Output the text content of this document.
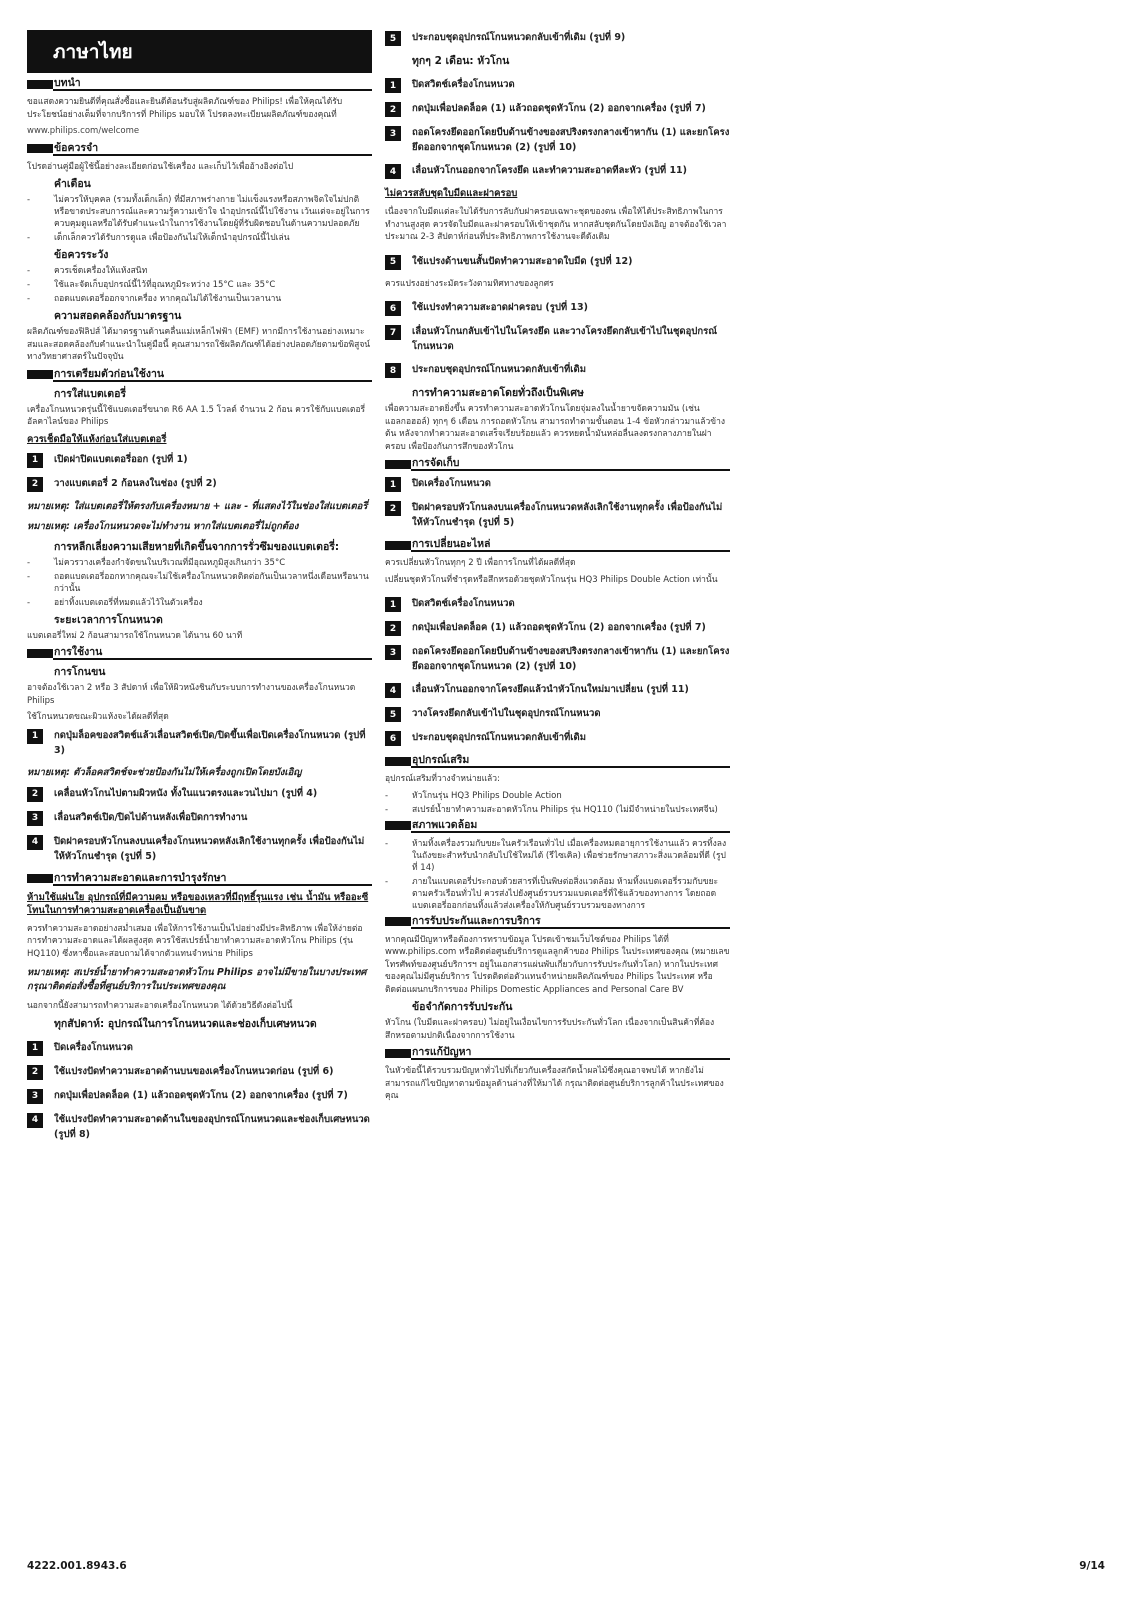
ภาษาไทย
บทนำ
ขอแสดงความยินดีที่คุณสั่งซื้อและยินดีต้อนรับสู่ผลิตภัณฑ์ของ Philips! เพื่อให้คุณได้รับประโยชน์อย่างเต็มที่จากบริการที่ Philips มอบให้ โปรดลงทะเบียนผลิตภัณฑ์ของคุณที่
www.philips.com/welcome
ข้อควรจำ
โปรดอ่านคู่มือผู้ใช้นี้อย่างละเอียดก่อนใช้เครื่อง และเก็บไว้เพื่ออ้างอิงต่อไป
คำเตือน
-	ไม่ควรให้บุคคล (รวมทั้งเด็กเล็ก) ที่มีสภาพร่างกาย ไม่แข็งแรงหรือสภาพจิตใจไม่ปกติ หรือขาดประสบการณ์และความรู้ความเข้าใจ นำอุปกรณ์นี้ไปใช้งาน เว้นแต่จะอยู่ในการควบคุมดูแลหรือได้รับคำแนะนำในการใช้งานโดยผู้ที่รับผิดชอบในด้านความปลอดภัย
-	เด็กเล็กควรได้รับการดูแล เพื่อป้องกันไม่ให้เด็กนำอุปกรณ์นี้ไปเล่น
ข้อควรระวัง
-	ควรเช็ดเครื่องให้แห้งสนิท
-	ใช้และจัดเก็บอุปกรณ์นี้ไว้ที่อุณหภูมิระหว่าง 15°C และ 35°C
-	ถอดแบตเตอรี่ออกจากเครื่อง หากคุณไม่ได้ใช้งานเป็นเวลานาน
ความสอดคล้องกับมาตรฐาน
ผลิตภัณฑ์ของฟิลิปส์ ได้มาตรฐานด้านคลื่นแม่เหล็กไฟฟ้า (EMF) หากมีการใช้งานอย่างเหมาะสมและสอดคล้องกับคำแนะนำในคู่มือนี้ คุณสามารถใช้ผลิตภัณฑ์ได้อย่างปลอดภัยตามข้อพิสูจน์ทางวิทยาศาสตร์ในปัจจุบัน
การเตรียมตัวก่อนใช้งาน
การใส่แบตเตอรี่
เครื่องโกนหนวดรุ่นนี้ใช้แบตเตอรี่ขนาด R6 AA 1.5 โวลต์ จำนวน 2 ก้อน ควรใช้กับแบตเตอรี่อัลคาไลน์ของ Philips
ควรเช็ดมือให้แห้งก่อนใส่แบตเตอรี่
1	เปิดฝาปิดแบตเตอรี่ออก (รูปที่ 1)
2	วางแบตเตอรี่ 2 ก้อนลงในช่อง (รูปที่ 2)
หมายเหตุ: ใส่แบตเตอรี่ให้ตรงกับเครื่องหมาย + และ - ที่แสดงไว้ในช่องใส่แบตเตอรี่
หมายเหตุ: เครื่องโกนหนวดจะไม่ทำงาน หากใส่แบตเตอรี่ไม่ถูกต้อง
การหลีกเลี่ยงความเสียหายที่เกิดขึ้นจากการรั่วซึมของแบตเตอรี่:
-	ไม่ควรวางเครื่องกำจัดขนในบริเวณที่มีอุณหภูมิสูงเกินกว่า 35°C
-	ถอดแบตเตอรี่ออกหากคุณจะไม่ใช้เครื่องโกนหนวดติดต่อกันเป็นเวลาหนึ่งเดือนหรือนานกว่านั้น
-	อย่าทิ้งแบตเตอรี่ที่หมดแล้วไว้ในตัวเครื่อง
ระยะเวลาการโกนหนวด
แบตเตอรี่ใหม่ 2 ก้อนสามารถใช้โกนหนวด ได้นาน 60 นาที
การใช้งาน
การโกนขน
อาจต้องใช้เวลา 2 หรือ 3 สัปดาห์ เพื่อให้ผิวหนังชินกับระบบการทำงานของเครื่องโกนหนวด Philips
ใช้โกนหนวดขณะผิวแห้งจะได้ผลดีที่สุด
1	กดปุ่มล็อคของสวิตช์แล้วเลื่อนสวิตช์เปิด/ปิดขึ้นเพื่อเปิดเครื่องโกนหนวด (รูปที่ 3)
หมายเหตุ: ตัวล็อคสวิตช์จะช่วยป้องกันไม่ให้เครื่องถูกเปิดโดยบังเอิญ
2	เคลื่อนหัวโกนไปตามผิวหนัง ทั้งในแนวตรงและวนไปมา (รูปที่ 4)
3	เลื่อนสวิตช์เปิด/ปิดไปด้านหลังเพื่อปิดการทำงาน
4	ปิดฝาครอบหัวโกนลงบนเครื่องโกนหนวดหลังเลิกใช้งานทุกครั้ง เพื่อป้องกันไม่ให้หัวโกนชำรุด (รูปที่ 5)
การทำความสะอาดและการบำรุงรักษา
ห้ามใช้แผ่นใย อุปกรณ์ที่มีความคม หรือของเหลวที่มีฤทธิ์รุนแรง เช่น น้ำมัน หรืออะซีโทนในการทำความสะอาดเครื่องเป็นอันขาด
ควรทำความสะอาดอย่างสม่ำเสมอ เพื่อให้การใช้งานเป็นไปอย่างมีประสิทธิภาพ เพื่อให้ง่ายต่อการทำความสะอาดและได้ผลสูงสุด ควรใช้สเปรย์น้ำยาทำความสะอาดหัวโกน Philips (รุ่น HQ110) ซึ่งหาซื้อและสอบถามได้จากตัวแทนจำหน่าย Philips
หมายเหตุ: สเปรย์น้ำยาทำความสะอาดหัวโกน Philips อาจไม่มีขายในบางประเทศ กรุณาติดต่อสั่งซื้อที่ศูนย์บริการในประเทศของคุณ
นอกจากนี้ยังสามารถทำความสะอาดเครื่องโกนหนวด ได้ด้วยวิธีดังต่อไปนี้
ทุกสัปดาห์: อุปกรณ์ในการโกนหนวดและช่องเก็บเศษหนวด
1	ปิดเครื่องโกนหนวด
2	ใช้แปรงปัดทำความสะอาดด้านบนของเครื่องโกนหนวดก่อน (รูปที่ 6)
3	กดปุ่มเพื่อปลดล็อค (1) แล้วถอดชุดหัวโกน (2) ออกจากเครื่อง (รูปที่ 7)
4	ใช้แปรงปัดทำความสะอาดด้านในของอุปกรณ์โกนหนวดและช่องเก็บเศษหนวด (รูปที่ 8)
5	ประกอบชุดอุปกรณ์โกนหนวดกลับเข้าที่เดิม (รูปที่ 9)
ทุกๆ 2 เดือน: หัวโกน
1	ปิดสวิตช์เครื่องโกนหนวด
2	กดปุ่มเพื่อปลดล็อค (1) แล้วถอดชุดหัวโกน (2) ออกจากเครื่อง (รูปที่ 7)
3	ถอดโครงยึดออกโดยบีบด้านข้างของสปริงตรงกลางเข้าหากัน (1) และยกโครงยึดออกจากชุดโกนหนวด (2) (รูปที่ 10)
4	เลื่อนหัวโกนออกจากโครงยึด และทำความสะอาดทีละหัว (รูปที่ 11)
ไม่ควรสลับชุดใบมีดและฝาครอบ
เนื่องจากใบมีดแต่ละใบได้รับการลับกับฝาครอบเฉพาะชุดของตน เพื่อให้ได้ประสิทธิภาพในการทำงานสูงสุด ควรจัดใบมีดและฝาครอบให้เข้าชุดกัน หากสลับชุดกันโดยบังเอิญ อาจต้องใช้เวลาประมาณ 2-3 สัปดาห์ก่อนที่ประสิทธิภาพการใช้งานจะดีดังเดิม
5	ใช้แปรงด้านขนสั้นปัดทำความสะอาดใบมีด (รูปที่ 12)
ควรแปรงอย่างระมัดระวังตามทิศทางของลูกศร
6	ใช้แปรงทำความสะอาดฝาครอบ (รูปที่ 13)
7	เลื่อนหัวโกนกลับเข้าไปในโครงยึด และวางโครงยึดกลับเข้าไปในชุดอุปกรณ์โกนหนวด
8	ประกอบชุดอุปกรณ์โกนหนวดกลับเข้าที่เดิม
การทำความสะอาดโดยทั่วถึงเป็นพิเศษ
เพื่อความสะอาดยิ่งขึ้น ควรทำความสะอาดหัวโกนโดยจุ่มลงในน้ำยาขจัดความมัน (เช่น แอลกอฮอล์) ทุกๆ 6 เดือน การถอดหัวโกน สามารถทำตามขั้นตอน 1-4 ข้อหัวกล่าวมาแล้วข้างต้น หลังจากทำความสะอาดเสร็จเรียบร้อยแล้ว ควรหยดน้ำมันหล่อลื่นลงตรงกลางภายในฝาครอบ เพื่อป้องกันการสึกของหัวโกน
การจัดเก็บ
1	ปิดเครื่องโกนหนวด
2	ปิดฝาครอบหัวโกนลงบนเครื่องโกนหนวดหลังเลิกใช้งานทุกครั้ง เพื่อป้องกันไม่ให้หัวโกนชำรุด (รูปที่ 5)
การเปลี่ยนอะไหล่
ควรเปลี่ยนหัวโกนทุกๆ 2 ปี เพื่อการโกนที่ได้ผลดีที่สุด
เปลี่ยนชุดหัวโกนที่ชำรุดหรือสึกหรอด้วยชุดหัวโกนรุ่น HQ3 Philips Double Action เท่านั้น
1	ปิดสวิตช์เครื่องโกนหนวด
2	กดปุ่มเพื่อปลดล็อค (1) แล้วถอดชุดหัวโกน (2) ออกจากเครื่อง (รูปที่ 7)
3	ถอดโครงยึดออกโดยบีบด้านข้างของสปริงตรงกลางเข้าหากัน (1) และยกโครงยึดออกจากชุดโกนหนวด (2) (รูปที่ 10)
4	เลื่อนหัวโกนออกจากโครงยึดแล้วนำหัวโกนใหม่มาเปลี่ยน (รูปที่ 11)
5	วางโครงยึดกลับเข้าไปในชุดอุปกรณ์โกนหนวด
6	ประกอบชุดอุปกรณ์โกนหนวดกลับเข้าที่เดิม
อุปกรณ์เสริม
อุปกรณ์เสริมที่วางจำหน่ายแล้ว:
-	หัวโกนรุ่น HQ3 Philips Double Action
-	สเปรย์น้ำยาทำความสะอาดหัวโกน Philips รุ่น HQ110 (ไม่มีจำหน่ายในประเทศจีน)
สภาพแวดล้อม
-	ห้ามทิ้งเครื่องรวมกับขยะในครัวเรือนทั่วไป เมื่อเครื่องหมดอายุการใช้งานแล้ว ควรทิ้งลงในถังขยะสำหรับนำกลับไปใช้ใหม่ได้ (รีไซเคิล) เพื่อช่วยรักษาสภาวะสิ่งแวดล้อมที่ดี (รูปที่ 14)
-	ภายในแบตเตอรี่ประกอบด้วยสารที่เป็นพิษต่อสิ่งแวดล้อม ห้ามทิ้งแบตเตอรี่รวมกับขยะตามครัวเรือนทั่วไป ควรส่งไปยังศูนย์รวบรวมแบตเตอรี่ที่ใช้แล้วของทางการ โดยถอดแบตเตอรี่ออกก่อนทิ้งแล้วส่งเครื่องให้กับศูนย์รวบรวมของทางการ
การรับประกันและการบริการ
หากคุณมีปัญหาหรือต้องการทราบข้อมูล โปรดเข้าชมเว็บไซต์ของ Philips ได้ที่ www.philips.com หรือติดต่อศูนย์บริการดูแลลูกค้าของ Philips ในประเทศของคุณ (หมายเลขโทรศัพท์ของศูนย์บริการฯ อยู่ในเอกสารแผ่นพับเกี่ยวกับการรับประกันทั่วโลก) หากในประเทศของคุณไม่มีศูนย์บริการ โปรดติดต่อตัวแทนจำหน่ายผลิตภัณฑ์ของ Philips ในประเทศ หรือติดต่อแผนกบริการของ Philips Domestic Appliances and Personal Care BV
ข้อจำกัดการรับประกัน
หัวโกน (ใบมีดและฝาครอบ) ไม่อยู่ในเงื่อนไขการรับประกันทั่วโลก เนื่องจากเป็นสินค้าที่ต้องสึกหรอตามปกติเนื่องจากการใช้งาน
การแก้ปัญหา
ในหัวข้อนี้ได้รวบรวมปัญหาทั่วไปที่เกี่ยวกับเครื่องสกัดน้ำผลไม้ซึ่งคุณอาจพบได้ หากยังไม่สามารถแก้ไขปัญหาตามข้อมูลด้านล่างที่ให้มาได้ กรุณาติดต่อศูนย์บริการลูกค้าในประเทศของคุณ
4222.001.8943.6	9/14
